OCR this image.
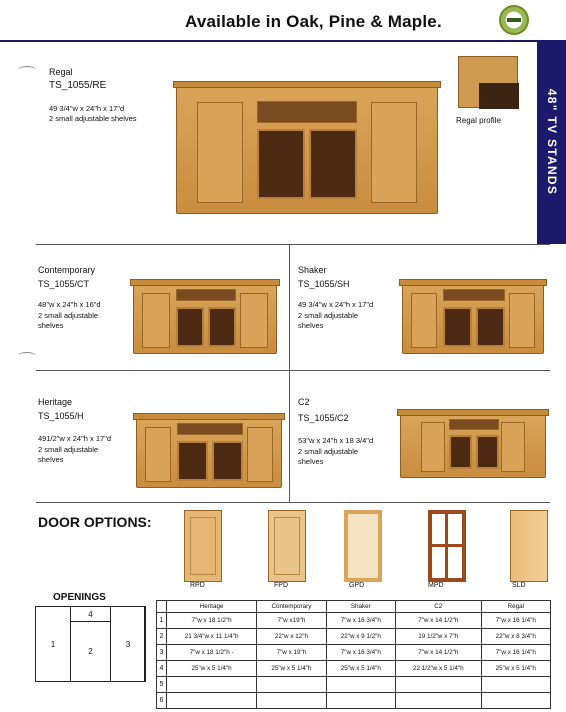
Available in Oak, Pine & Maple.
48" TV STANDS
Regal
TS_1055/RE
49 3/4"w x 24"h x 17"d
2 small adjustable shelves	Regal profile
Contemporary
TS_1055/CT
48"w x 24"h x 16"d
2 small adjustable shelves
Shaker
TS_1055/SH
49 3/4"w x 24"h x 17"d
2 small adjustable shelves
Heritage
TS_1055/H
491/2"w x 24"h x 17"d
2 small adjustable shelves
C2
TS_1055/C2
53"w x 24"h x 18 3/4"d
2 small adjustable shelves
DOOR OPTIONS:
RPD	FPD	GPD	MPD	SLD
OPENINGS
1
4
2
3
	Heritage	Contemporary	Shaker	C2	Regal
1	7"w x 18 1/2"h	7"w x19"h	7"w x 16 3/4"h	7"w x 14 1/2"h	7"w x 16 1/4"h
2	21 3/4"w x 11 1/4"h	22"w x 12"h	22"w x 9 1/2"h	19 1/2"w x 7"h	22"w x 8 3/4"h
3	7"w x 18 1/2"h -	7"w x 19"h	7"w x 16 3/4"h	7"w x 14 1/2"h	7"w x 16 1/4"h
4	25"w x 5 1/4"h	25"w x 5 1/4"h	25"w x 5 1/4"h	22 1/2"w x 5 1/4"h	25"w x 5 1/4"h
5					
6					
